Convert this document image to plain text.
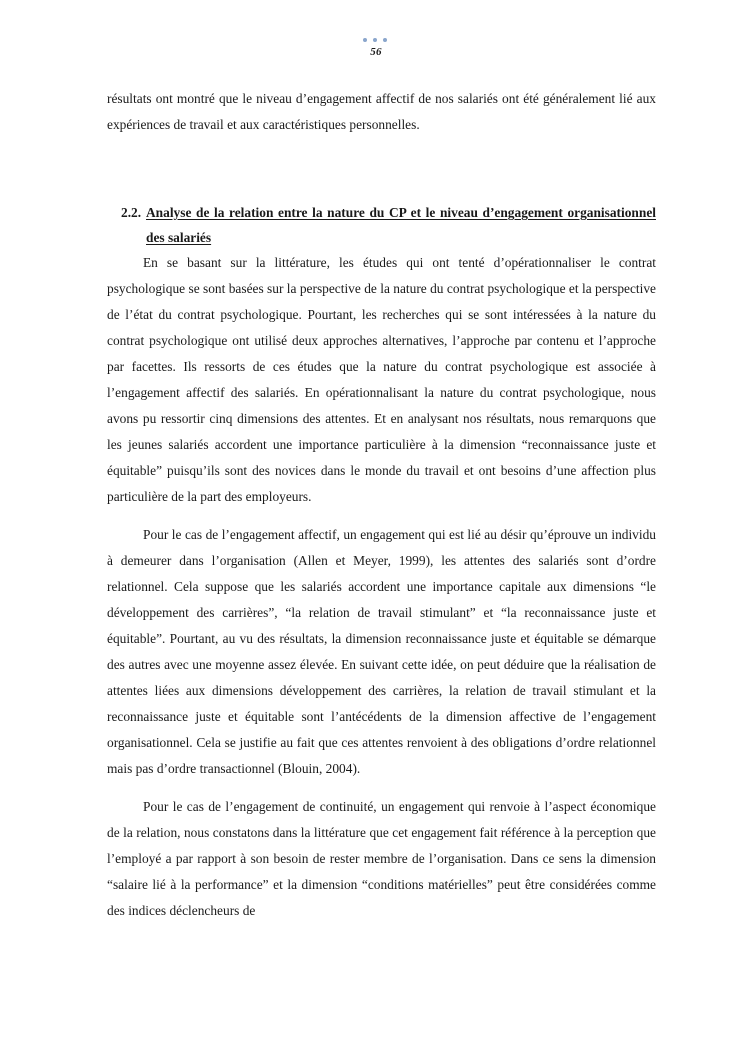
56

résultats ont montré que le niveau d’engagement affectif de nos salariés ont été généralement lié aux expériences de travail et aux caractéristiques personnelles.

2.2. Analyse de la relation entre la nature du CP et le niveau d’engagement organisationnel des salariés

En se basant sur la littérature, les études qui ont tenté d’opérationnaliser le contrat psychologique se sont basées sur la perspective de la nature du contrat psychologique et la perspective de l’état du contrat psychologique. Pourtant, les recherches qui se sont intéressées à la nature du contrat psychologique ont utilisé deux approches alternatives, l’approche par contenu et l’approche par facettes. Ils ressorts de ces études que la nature du contrat psychologique est associée à l’engagement affectif des salariés. En opérationnalisant la nature du contrat psychologique, nous avons pu ressortir cinq dimensions des attentes. Et en analysant nos résultats, nous remarquons que les jeunes salariés accordent une importance particulière à la dimension “reconnaissance juste et équitable” puisqu’ils sont des novices dans le monde du travail et ont besoins d’une affection plus particulière de la part des employeurs.

Pour le cas de l’engagement affectif, un engagement qui est lié au désir qu’éprouve un individu à demeurer dans l’organisation (Allen et Meyer, 1999), les attentes des salariés sont d’ordre relationnel. Cela suppose que les salariés accordent une importance capitale aux dimensions “le développement des carrières”, “la relation de travail stimulant” et “la reconnaissance juste et équitable”. Pourtant, au vu des résultats, la dimension reconnaissance juste et équitable se démarque des autres avec une moyenne assez élevée. En suivant cette idée, on peut déduire que la réalisation de attentes liées aux dimensions développement des carrières, la relation de travail stimulant et la reconnaissance juste et équitable sont l’antécédents de la dimension affective de l’engagement organisationnel. Cela se justifie au fait que ces attentes renvoient à des obligations d’ordre relationnel mais pas d’ordre transactionnel (Blouin, 2004).

Pour le cas de l’engagement de continuité, un engagement qui renvoie à l’aspect économique de la relation, nous constatons dans la littérature que cet engagement fait référence à la perception que l’employé a par rapport à son besoin de rester membre de l’organisation. Dans ce sens la dimension “salaire lié à la performance” et la dimension “conditions matérielles” peut être considérées comme des indices déclencheurs de
